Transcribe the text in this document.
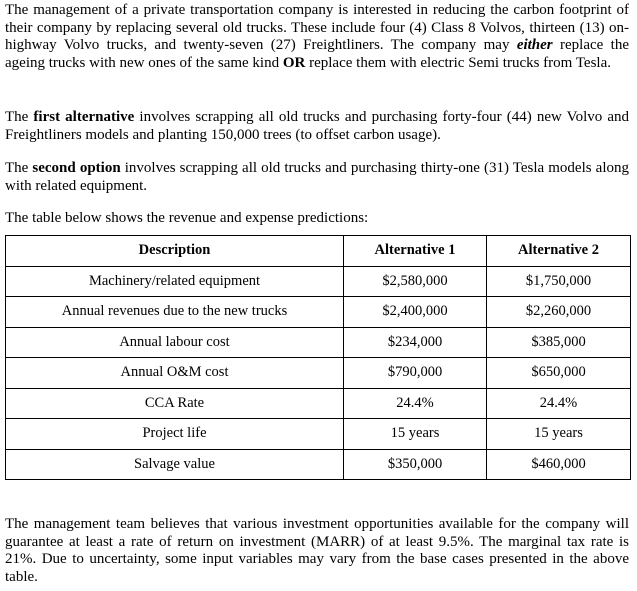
The management of a private transportation company is interested in reducing the carbon footprint of their company by replacing several old trucks. These include four (4) Class 8 Volvos, thirteen (13) on-highway Volvo trucks, and twenty-seven (27) Freightliners. The company may either replace the ageing trucks with new ones of the same kind OR replace them with electric Semi trucks from Tesla.

The first alternative involves scrapping all old trucks and purchasing forty-four (44) new Volvo and Freightliners models and planting 150,000 trees (to offset carbon usage).

The second option involves scrapping all old trucks and purchasing thirty-one (31) Tesla models along with related equipment.

The table below shows the revenue and expense predictions:

Description	Alternative 1	Alternative 2
Machinery/related equipment	$2,580,000	$1,750,000
Annual revenues due to the new trucks	$2,400,000	$2,260,000
Annual labour cost	$234,000	$385,000
Annual O&M cost	$790,000	$650,000
CCA Rate	24.4%	24.4%
Project life	15 years	15 years
Salvage value	$350,000	$460,000

The management team believes that various investment opportunities available for the company will guarantee at least a rate of return on investment (MARR) of at least 9.5%. The marginal tax rate is 21%. Due to uncertainty, some input variables may vary from the base cases presented in the above table.
